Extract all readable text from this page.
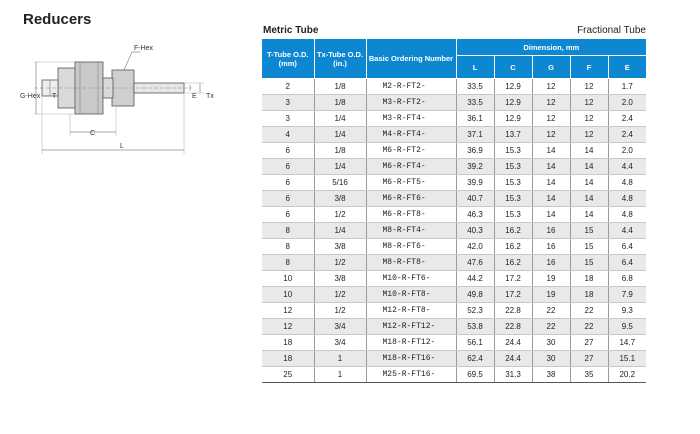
Reducers
F-Hex
G-Hex T	E Tx
C
L
Metric Tube	Fractional Tube
T-Tube O.D. (mm)	Tx-Tube O.D. (in.)	Basic Ordering Number	Dimension, mm				
			L	C	G	F	E
2	1/8	M2-R-FT2-	33.5	12.9	12	12	1.7
3	1/8	M3-R-FT2-	33.5	12.9	12	12	2.0
3	1/4	M3-R-FT4-	36.1	12.9	12	12	2.4
4	1/4	M4-R-FT4-	37.1	13.7	12	12	2.4
6	1/8	M6-R-FT2-	36.9	15.3	14	14	2.0
6	1/4	M6-R-FT4-	39.2	15.3	14	14	4.4
6	5/16	M6-R-FT5-	39.9	15.3	14	14	4.8
6	3/8	M6-R-FT6-	40.7	15.3	14	14	4.8
6	1/2	M6-R-FT8-	46.3	15.3	14	14	4.8
8	1/4	M8-R-FT4-	40.3	16.2	16	15	4.4
8	3/8	M8-R-FT6-	42.0	16.2	16	15	6.4
8	1/2	M8-R-FT8-	47.6	16.2	16	15	6.4
10	3/8	M10-R-FT6-	44.2	17.2	19	18	6.8
10	1/2	M10-R-FT8-	49.8	17.2	19	18	7.9
12	1/2	M12-R-FT8-	52.3	22.8	22	22	9.3
12	3/4	M12-R-FT12-	53.8	22.8	22	22	9.5
18	3/4	M18-R-FT12-	56.1	24.4	30	27	14.7
18	1	M18-R-FT16-	62.4	24.4	30	27	15.1
25	1	M25-R-FT16-	69.5	31.3	38	35	20.2
